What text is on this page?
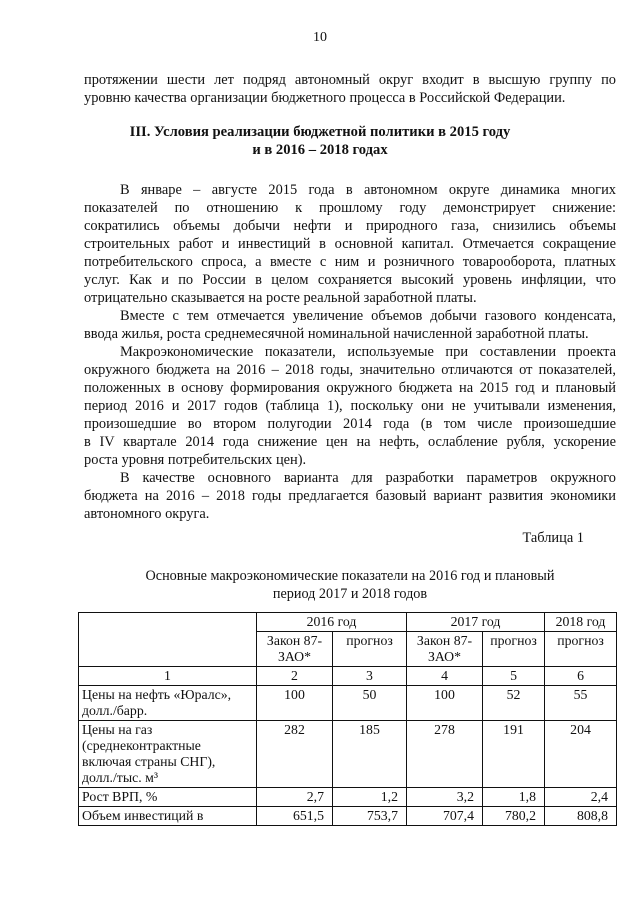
10
протяжении шести лет подряд автономный округ входит в высшую группу по
уровню качества организации бюджетного процесса в Российской Федерации.
III. Условия реализации бюджетной политики в 2015 году
и в 2016 – 2018 годах
В январе – августе 2015 года в автономном округе динамика многих
показателей по отношению к прошлому году демонстрирует снижение:
сократились объемы добычи нефти и природного газа, снизились объемы
строительных работ и инвестиций в основной капитал. Отмечается сокращение
потребительского спроса, а вместе с ним и розничного товарооборота, платных
услуг. Как и по России в целом сохраняется высокий уровень инфляции, что
отрицательно сказывается на росте реальной заработной платы.
Вместе с тем отмечается увеличение объемов добычи газового конденсата,
ввода жилья, роста среднемесячной номинальной начисленной заработной платы.
Макроэкономические показатели, используемые при составлении проекта
окружного бюджета на 2016 – 2018 годы, значительно отличаются от показателей,
положенных в основу формирования окружного бюджета на 2015 год и плановый
период 2016 и 2017 годов (таблица 1), поскольку они не учитывали изменения,
произошедшие во втором полугодии 2014 года (в том числе произошедшие
в IV квартале 2014 года снижение цен на нефть, ослабление рубля, ускорение
роста уровня потребительских цен).
В качестве основного варианта для разработки параметров окружного
бюджета на 2016 – 2018 годы предлагается базовый вариант развития экономики
автономного округа.
Таблица 1
Основные макроэкономические показатели на 2016 год и плановый
период 2017 и 2018 годов
	2016 год		2017 год		2018 год
	Закон 87-ЗАО*	прогноз	Закон 87-ЗАО*	прогноз	прогноз
1	2	3	4	5	6
Цены на нефть «Юралс», долл./барр.	100	50	100	52	55
Цены на газ (среднеконтрактные включая страны СНГ), долл./тыс. м³	282	185	278	191	204
Рост ВРП, %	2,7	1,2	3,2	1,8	2,4
Объем инвестиций в	651,5	753,7	707,4	780,2	808,8
